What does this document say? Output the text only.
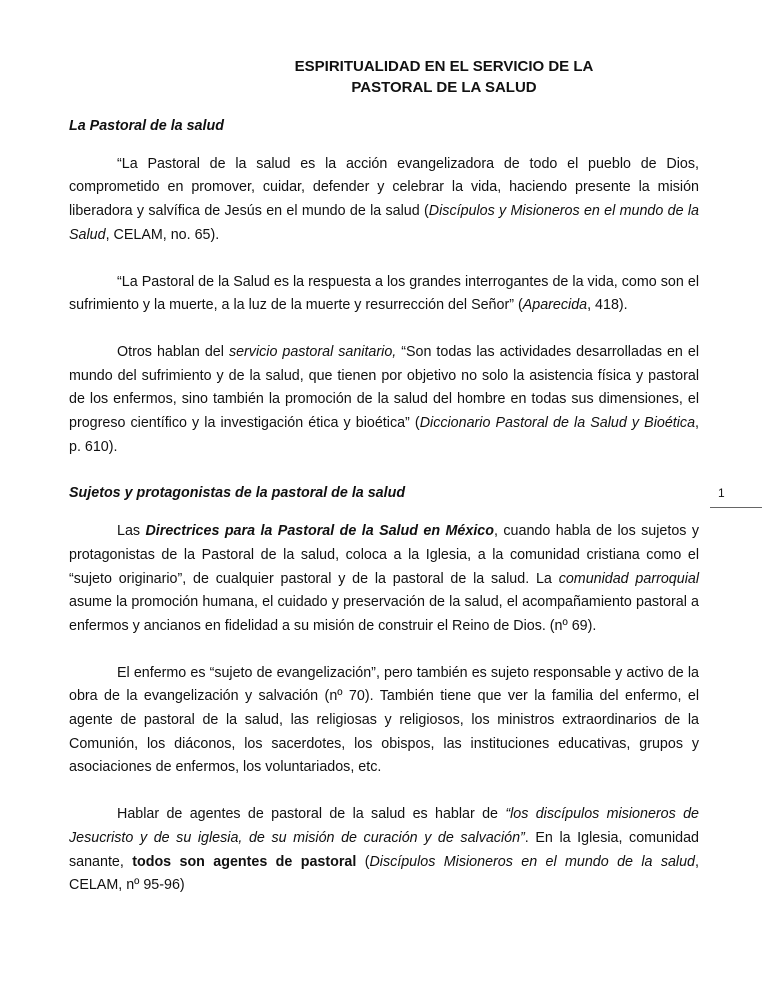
ESPIRITUALIDAD EN EL SERVICIO DE LA
PASTORAL DE LA SALUD
La Pastoral de la salud

“La Pastoral de la salud es la acción evangelizadora de todo el pueblo de Dios, comprometido en promover, cuidar, defender y celebrar la vida, haciendo presente la misión liberadora y salvífica de Jesús en el mundo de la salud (Discípulos y Misioneros en el mundo de la Salud, CELAM, no. 65).

“La Pastoral de la Salud es la respuesta a los grandes interrogantes de la vida, como son el sufrimiento y la muerte, a la luz de la muerte y resurrección del Señor” (Aparecida, 418).

Otros hablan del servicio pastoral sanitario, “Son todas las actividades desarrolladas en el mundo del sufrimiento y de la salud, que tienen por objetivo no solo la asistencia física y pastoral de los enfermos, sino también la promoción de la salud del hombre en todas sus dimensiones, el progreso científico y la investigación ética y bioética” (Diccionario Pastoral de la Salud y Bioética, p. 610).

Sujetos y protagonistas de la pastoral de la salud

Las Directrices para la Pastoral de la Salud en México, cuando habla de los sujetos y protagonistas de la Pastoral de la salud, coloca a la Iglesia, a la comunidad cristiana como el “sujeto originario”, de cualquier pastoral y de la pastoral de la salud. La comunidad parroquial asume la promoción humana, el cuidado y preservación de la salud, el acompañamiento pastoral a enfermos y ancianos en fidelidad a su misión de construir el Reino de Dios. (nº 69).

El enfermo es “sujeto de evangelización”, pero también es sujeto responsable y activo de la obra de la evangelización y salvación (nº 70). También tiene que ver la familia del enfermo, el agente de pastoral de la salud, las religiosas y religiosos, los ministros extraordinarios de la Comunión, los diáconos, los sacerdotes, los obispos, las instituciones educativas, grupos y asociaciones de enfermos, los voluntariados, etc.

Hablar de agentes de pastoral de la salud es hablar de “los discípulos misioneros de Jesucristo y de su iglesia, de su misión de curación y de salvación”. En la Iglesia, comunidad sanante, todos son agentes de pastoral (Discípulos Misioneros en el mundo de la salud, CELAM, nº 95-96)

1
